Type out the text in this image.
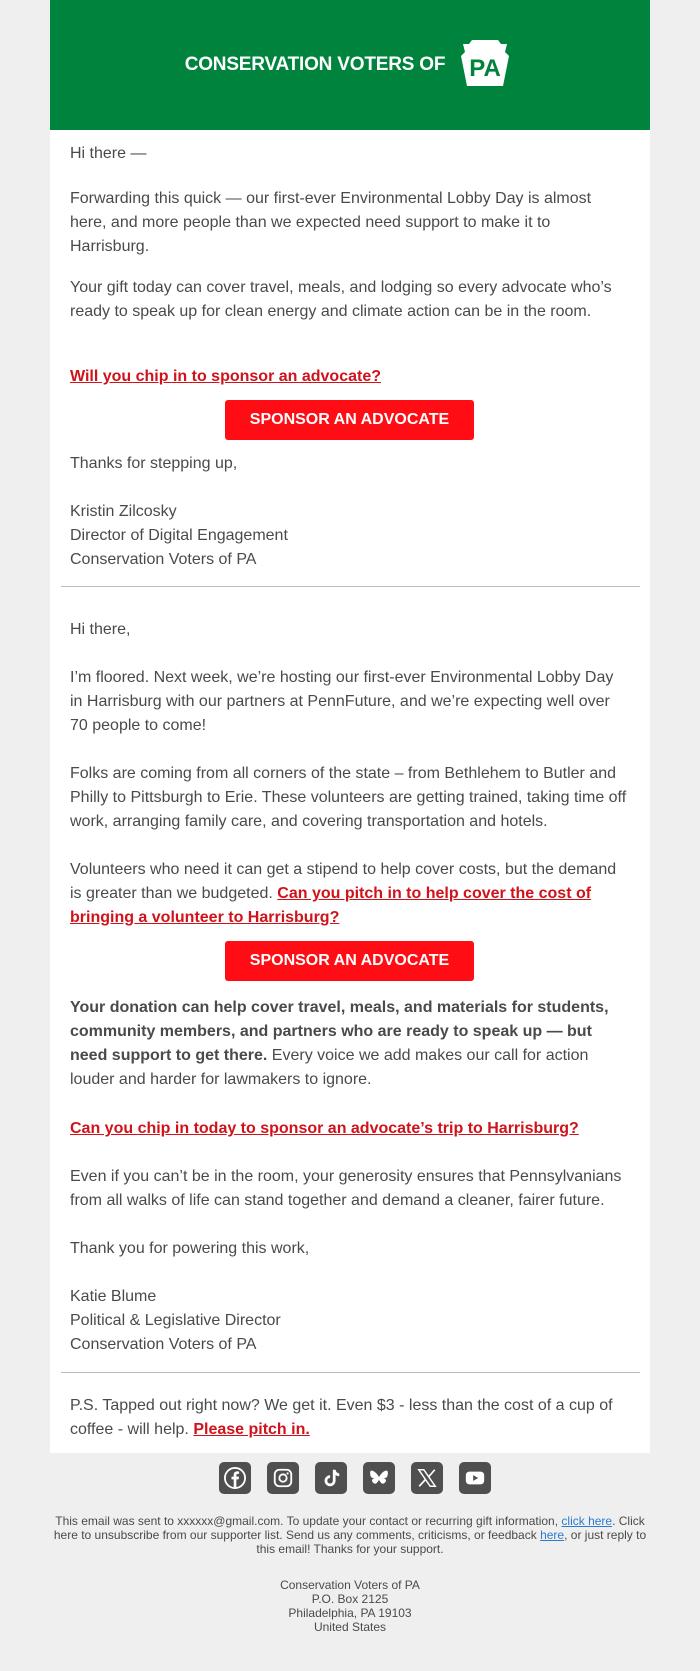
CONSERVATION VOTERS OF PA

Hi there —

Forwarding this quick — our first-ever Environmental Lobby Day is almost here, and more people than we expected need support to make it to Harrisburg.

Your gift today can cover travel, meals, and lodging so every advocate who’s ready to speak up for clean energy and climate action can be in the room.

Will you chip in to sponsor an advocate?

SPONSOR AN ADVOCATE

Thanks for stepping up,

Kristin Zilcosky

Director of Digital Engagement

Conservation Voters of PA

Hi there,

I’m floored. Next week, we’re hosting our first-ever Environmental Lobby Day in Harrisburg with our partners at PennFuture, and we’re expecting well over 70 people to come!

Folks are coming from all corners of the state – from Bethlehem to Butler and Philly to Pittsburgh to Erie. These volunteers are getting trained, taking time off work, arranging family care, and covering transportation and hotels.

Volunteers who need it can get a stipend to help cover costs, but the demand is greater than we budgeted. Can you pitch in to help cover the cost of bringing a volunteer to Harrisburg?

SPONSOR AN ADVOCATE

Your donation can help cover travel, meals, and materials for students, community members, and partners who are ready to speak up — but need support to get there. Every voice we add makes our call for action louder and harder for lawmakers to ignore.

Can you chip in today to sponsor an advocate’s trip to Harrisburg?

Even if you can’t be in the room, your generosity ensures that Pennsylvanians from all walks of life can stand together and demand a cleaner, fairer future.

Thank you for powering this work,

Katie Blume

Political & Legislative Director

Conservation Voters of PA

P.S. Tapped out right now? We get it. Even $3 - less than the cost of a cup of coffee - will help. Please pitch in.

This email was sent to xxxxxx@gmail.com. To update your contact or recurring gift information, click here. Click here to unsubscribe from our supporter list. Send us any comments, criticisms, or feedback here, or just reply to this email! Thanks for your support.
Conservation Voters of PA
P.O. Box 2125
Philadelphia, PA 19103
United States
